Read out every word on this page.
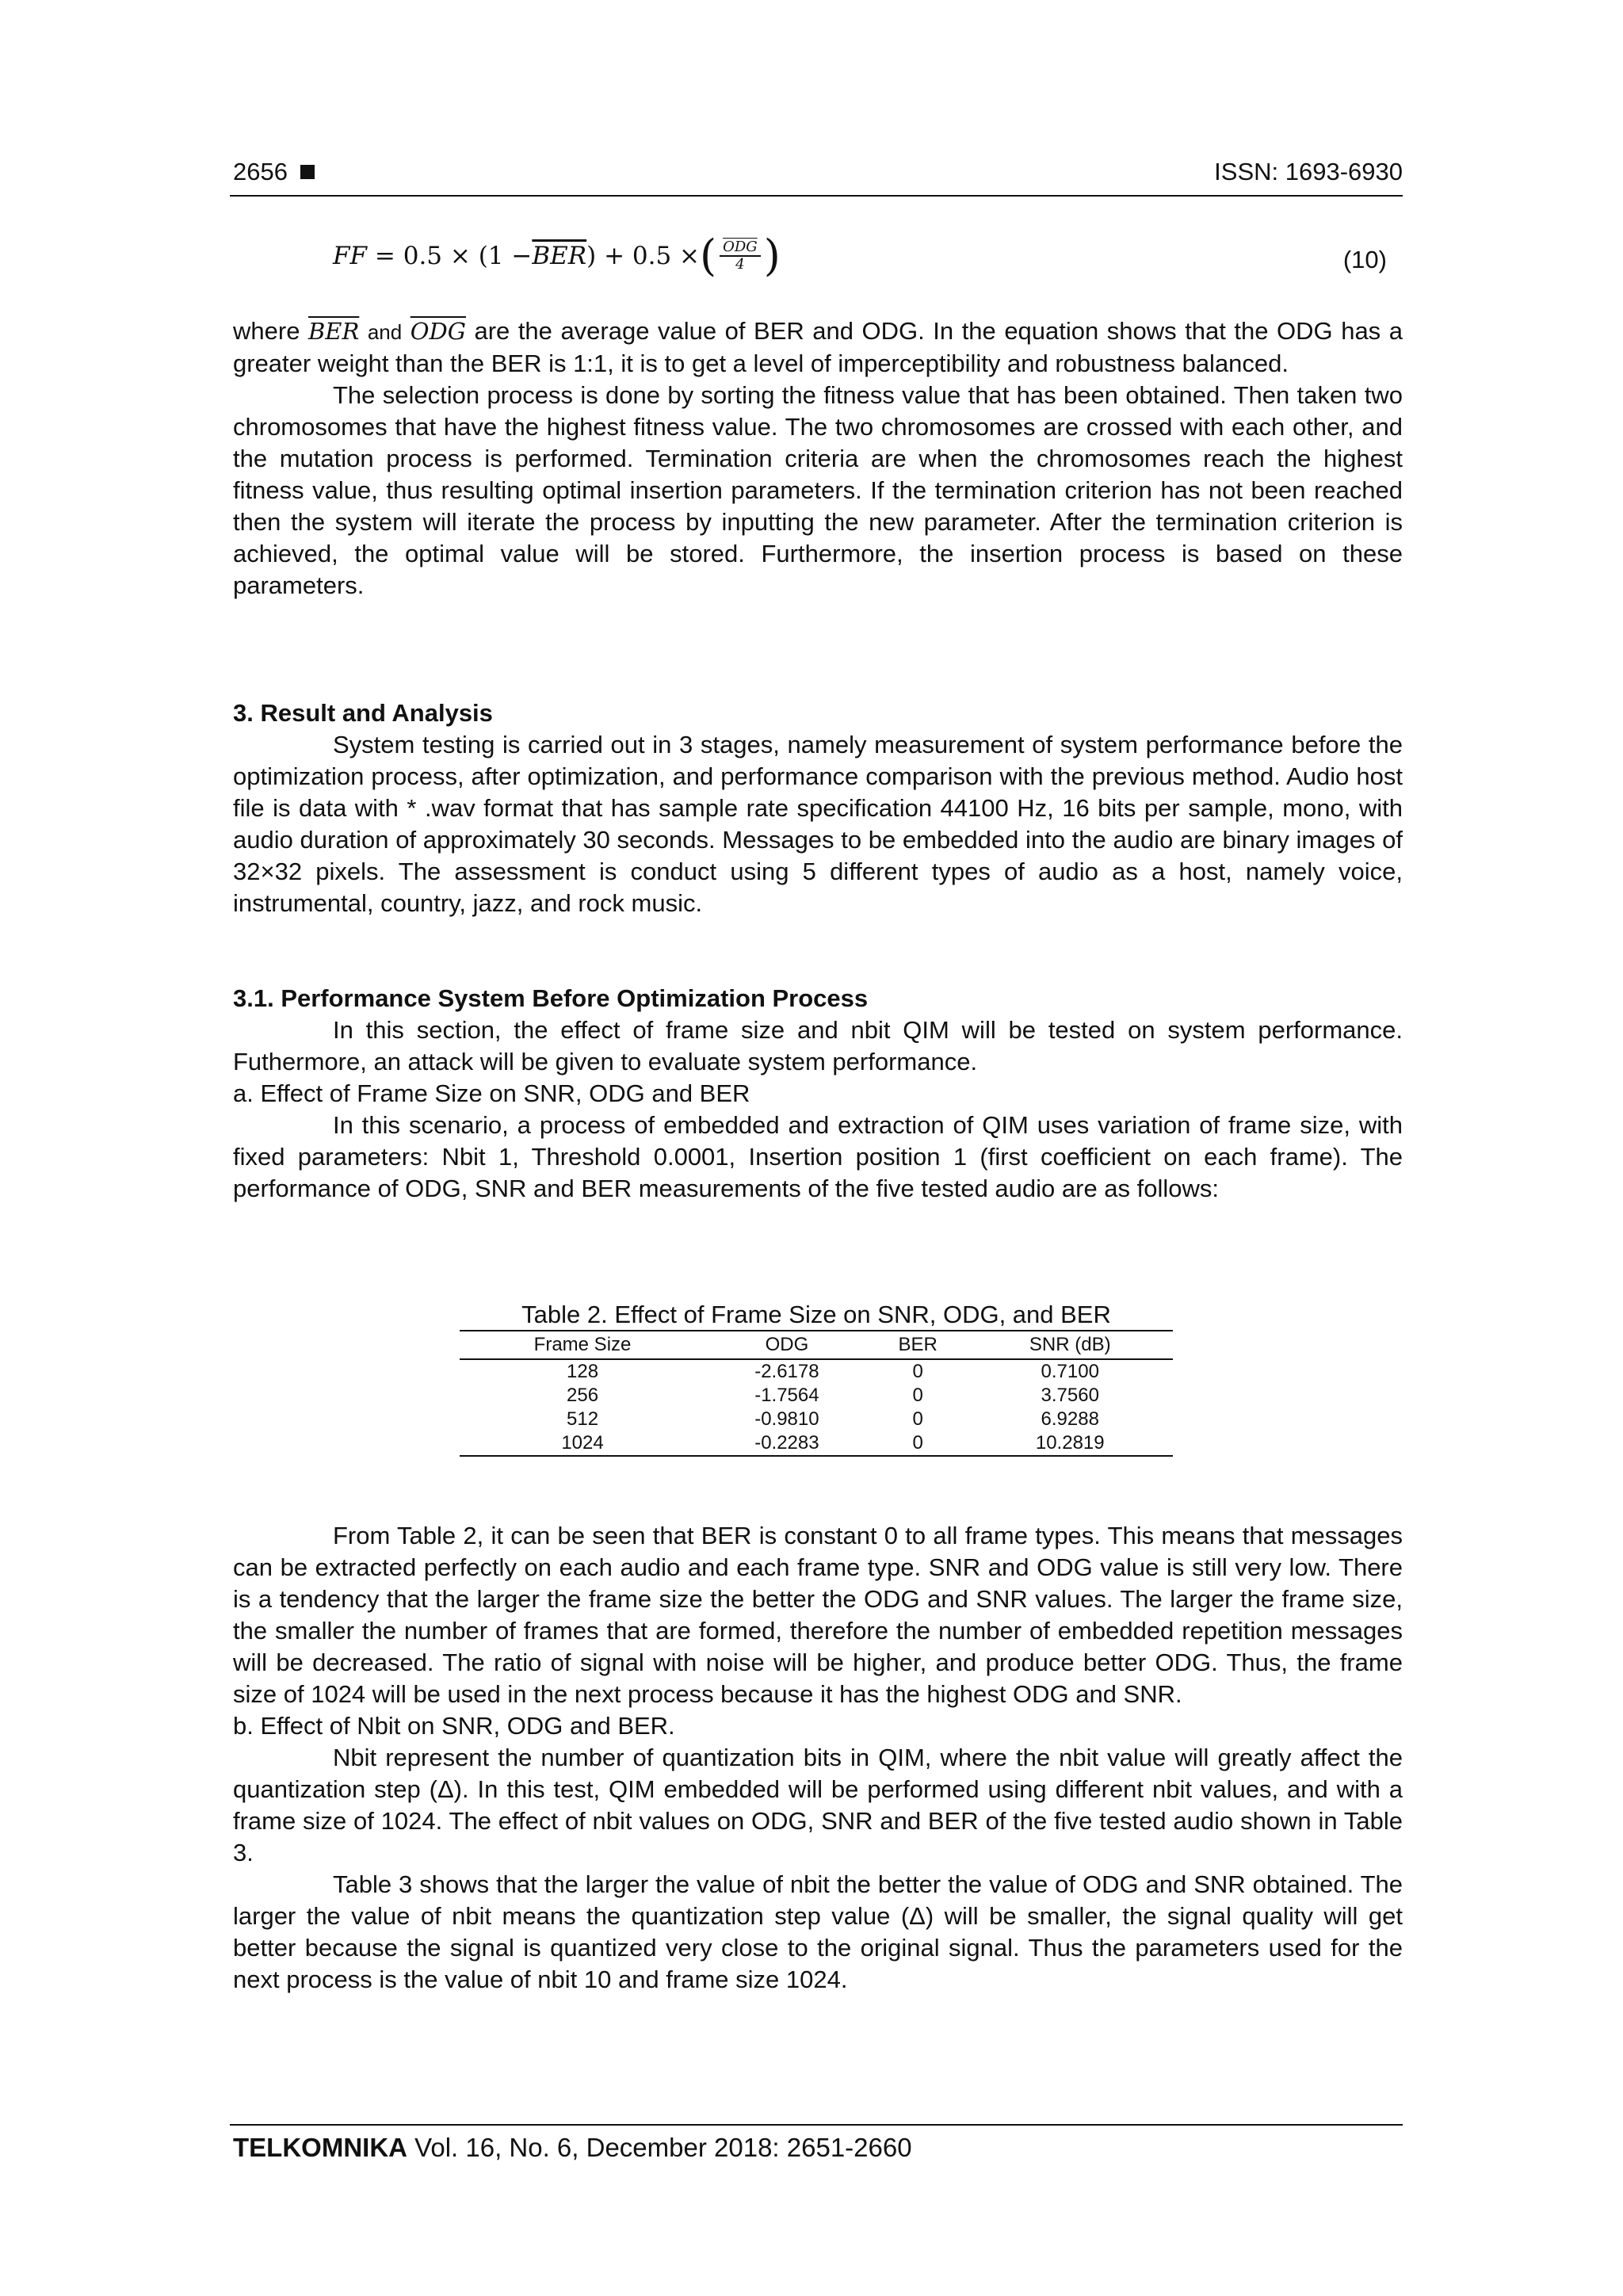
2656	ISSN: 1693-6930
FF
= $0.5 \times (1 - \overline{BER}$ ) + 0.5 × ( $\frac{\overline{ODG}}{4}$ )	(10)

where $\overline{BER}$ and $\overline{ODG}$ are the average value of BER and ODG. In the equation shows that the ODG has a greater weight than the BER is 1:1, it is to get a level of imperceptibility and robustness balanced.

The selection process is done by sorting the fitness value that has been obtained. Then taken two chromosomes that have the highest fitness value. The two chromosomes are crossed with each other, and the mutation process is performed. Termination criteria are when the chromosomes reach the highest fitness value, thus resulting optimal insertion parameters. If the termination criterion has not been reached then the system will iterate the process by inputting the new parameter. After the termination criterion is achieved, the optimal value will be stored. Furthermore, the insertion process is based on these parameters.

3. Result and Analysis

System testing is carried out in 3 stages, namely measurement of system performance before the optimization process, after optimization, and performance comparison with the previous method. Audio host file is data with * .wav format that has sample rate specification 44100 Hz, 16 bits per sample, mono, with audio duration of approximately 30 seconds. Messages to be embedded into the audio are binary images of 32×32 pixels. The assessment is conduct using 5 different types of audio as a host, namely voice, instrumental, country, jazz, and rock music.

3.1. Performance System Before Optimization Process

In this section, the effect of frame size and nbit QIM will be tested on system performance. Futhermore, an attack will be given to evaluate system performance.

a. Effect of Frame Size on SNR, ODG and BER

In this scenario, a process of embedded and extraction of QIM uses variation of frame size, with fixed parameters: Nbit 1, Threshold 0.0001, Insertion position 1 (first coefficient on each frame). The performance of ODG, SNR and BER measurements of the five tested audio are as follows:

Table 2. Effect of Frame Size on SNR, ODG, and BER
Frame Size	ODG	BER	SNR (dB)
128	-2.6178	0	0.7100
256	-1.7564	0	3.7560
512	-0.9810	0	6.9288
1024	-0.2283	0	10.2819

From Table 2, it can be seen that BER is constant 0 to all frame types. This means that messages can be extracted perfectly on each audio and each frame type. SNR and ODG value is still very low. There is a tendency that the larger the frame size the better the ODG and SNR values. The larger the frame size, the smaller the number of frames that are formed, therefore the number of embedded repetition messages will be decreased. The ratio of signal with noise will be higher, and produce better ODG. Thus, the frame size of 1024 will be used in the next process because it has the highest ODG and SNR.

b. Effect of Nbit on SNR, ODG and BER.

Nbit represent the number of quantization bits in QIM, where the nbit value will greatly affect the quantization step (Δ). In this test, QIM embedded will be performed using different nbit values, and with a frame size of 1024. The effect of nbit values on ODG, SNR and BER of the five tested audio shown in Table 3.

Table 3 shows that the larger the value of nbit the better the value of ODG and SNR obtained. The larger the value of nbit means the quantization step value (Δ) will be smaller, the signal quality will get better because the signal is quantized very close to the original signal. Thus the parameters used for the next process is the value of nbit 10 and frame size 1024.

TELKOMNIKA Vol. 16, No. 6, December 2018: 2651-2660
